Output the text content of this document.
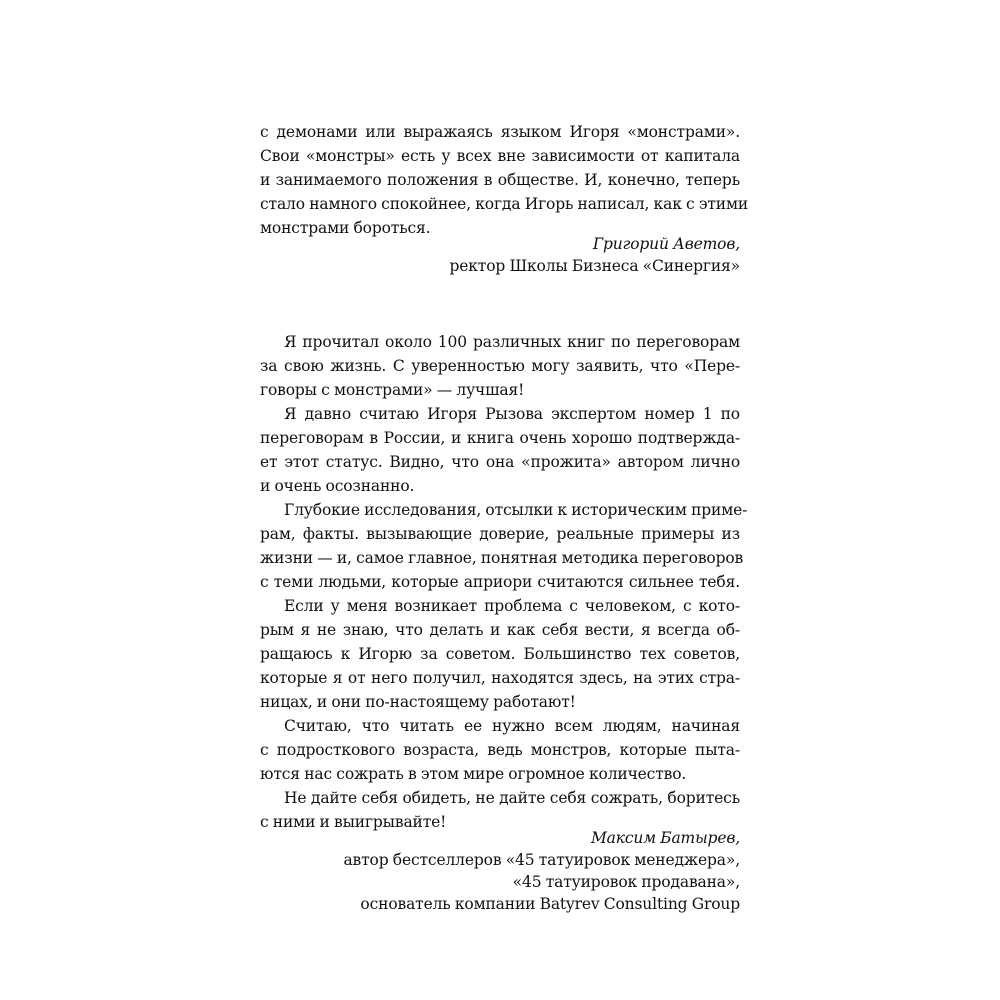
с демонами или выражаясь языком Игоря «монстрами».
Свои «монстры» есть у всех вне зависимости от капитала
и занимаемого положения в обществе. И, конечно, теперь
стало намного спокойнее, когда Игорь написал, как с этими
монстрами бороться.
Григорий Аветов,
ректор Школы Бизнеса «Синергия»
Я прочитал около 100 различных книг по переговорам
за свою жизнь. С уверенностью могу заявить, что «Пере-
говоры с монстрами» — лучшая!
Я давно считаю Игоря Рызова экспертом номер 1 по
переговорам в России, и книга очень хорошо подтвержда-
ет этот статус. Видно, что она «прожита» автором лично
и очень осознанно.
Глубокие исследования, отсылки к историческим приме-
рам, факты. вызывающие доверие, реальные примеры из
жизни — и, самое главное, понятная методика переговоров
с теми людьми, которые априори считаются сильнее тебя.
Если у меня возникает проблема с человеком, с кото-
рым я не знаю, что делать и как себя вести, я всегда об-
ращаюсь к Игорю за советом. Большинство тех советов,
которые я от него получил, находятся здесь, на этих стра-
ницах, и они по-настоящему работают!
Считаю, что читать ее нужно всем людям, начиная
с подросткового возраста, ведь монстров, которые пыта-
ются нас сожрать в этом мире огромное количество.
Не дайте себя обидеть, не дайте себя сожрать, боритесь
с ними и выигрывайте!
Максим Батырев,
автор бестселлеров «45 татуировок менеджера»,
«45 татуировок продавана»,
основатель компании Batyrev Consulting Group
